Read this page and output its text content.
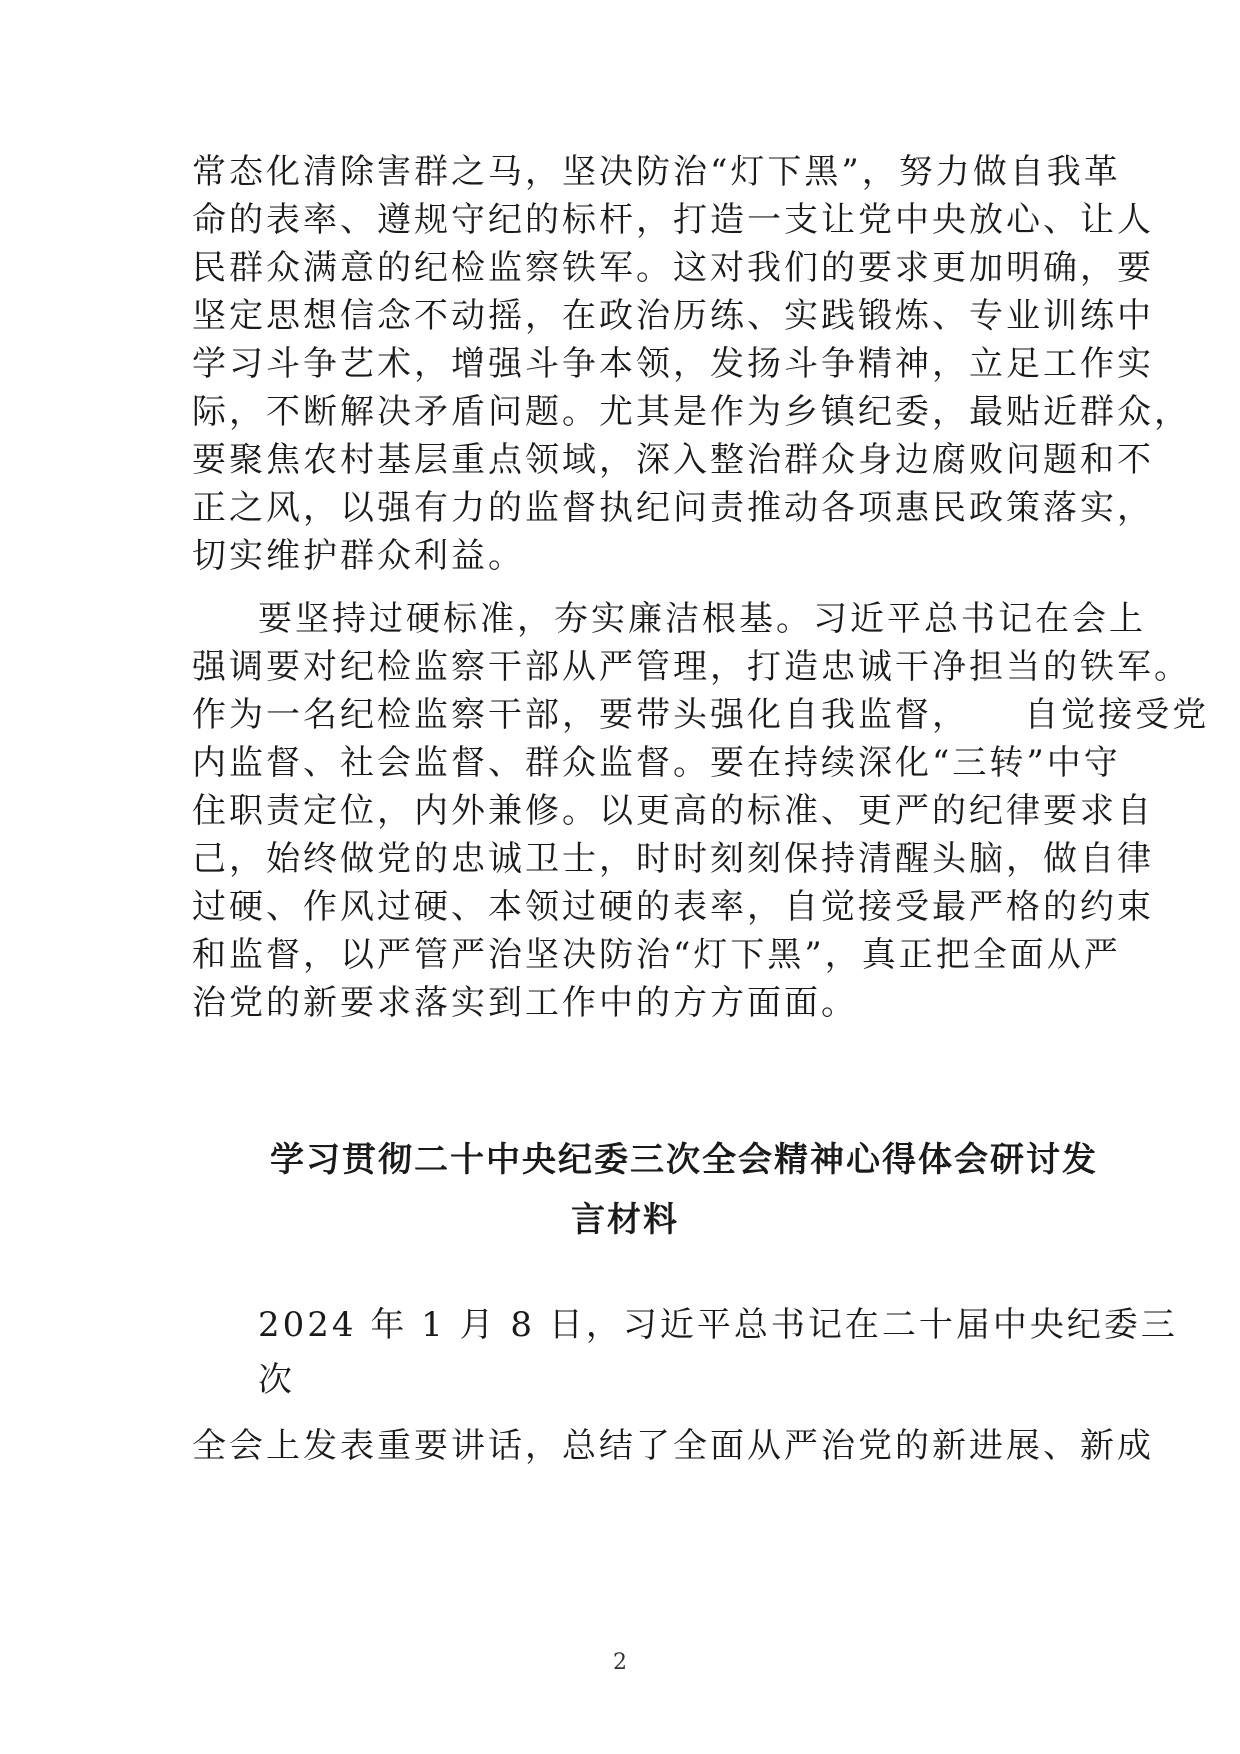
常态化清除害群之马，坚决防治“灯下黑”，努力做自我革
命的表率、遵规守纪的标杆，打造一支让党中央放心、让人
民群众满意的纪检监察铁军。这对我们的要求更加明确，要
坚定思想信念不动摇，在政治历练、实践锻炼、专业训练中
学习斗争艺术，增强斗争本领，发扬斗争精神，立足工作实
际，不断解决矛盾问题。尤其是作为乡镇纪委，最贴近群众，
要聚焦农村基层重点领域，深入整治群众身边腐败问题和不
正之风，以强有力的监督执纪问责推动各项惠民政策落实，
切实维护群众利益。
要坚持过硬标准，夯实廉洁根基。习近平总书记在会上
强调要对纪检监察干部从严管理，打造忠诚干净担当的铁军。
作为一名纪检监察干部，要带头强化自我监督，    自觉接受党
内监督、社会监督、群众监督。要在持续深化“三转”中守
住职责定位，内外兼修。以更高的标准、更严的纪律要求自
己，始终做党的忠诚卫士，时时刻刻保持清醒头脑，做自律
过硬、作风过硬、本领过硬的表率，自觉接受最严格的约束
和监督，以严管严治坚决防治“灯下黑”，真正把全面从严
治党的新要求落实到工作中的方方面面。
学习贯彻二十中央纪委三次全会精神心得体会研讨发
言材料
2024 年 1 月 8 日，习近平总书记在二十届中央纪委三
次
全会上发表重要讲话，总结了全面从严治党的新进展、新成
2
